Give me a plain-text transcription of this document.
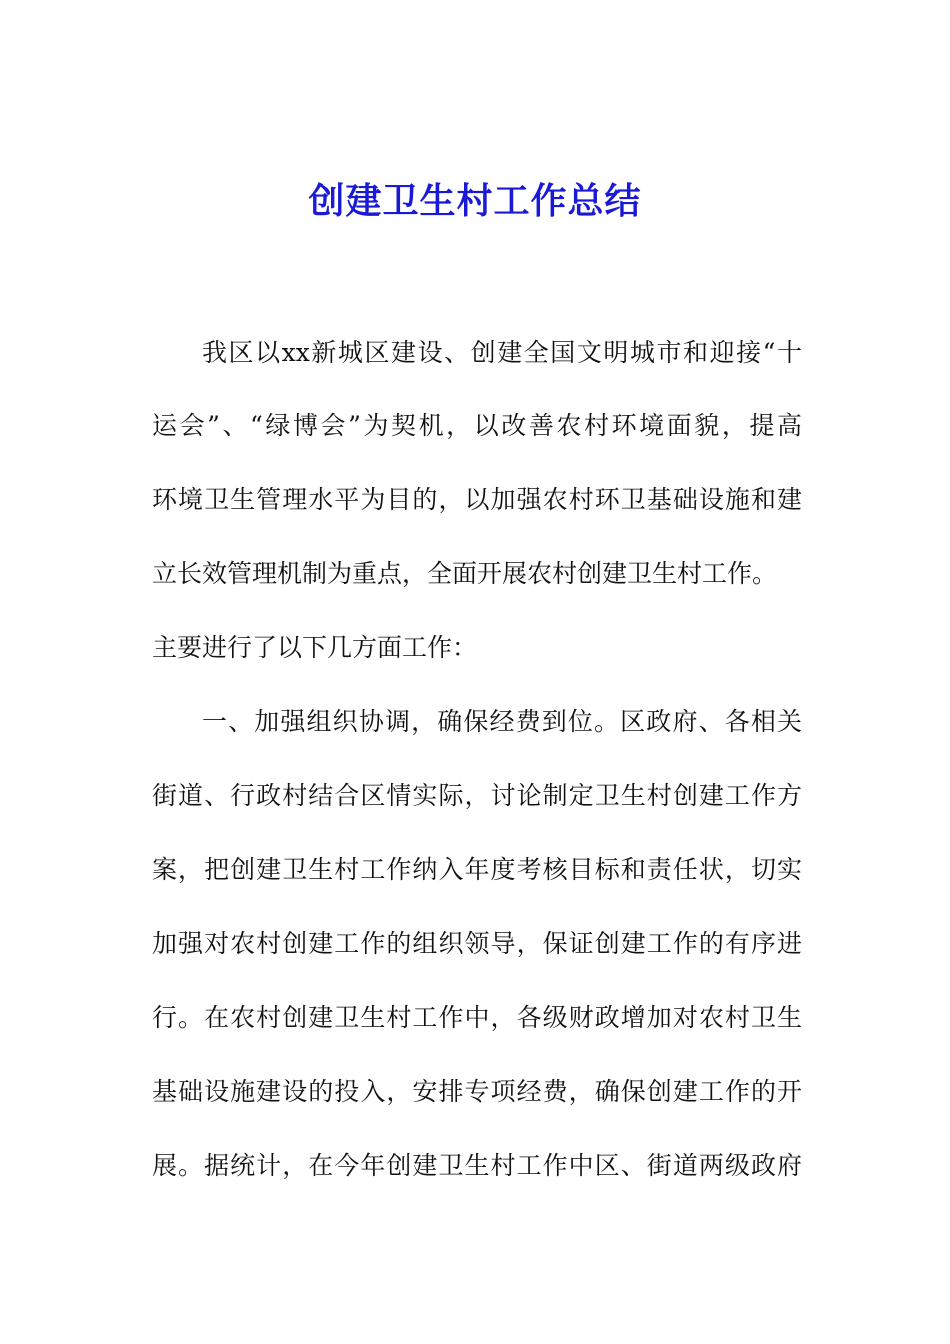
创建卫生村工作总结
我区以xx新城区建设、创建全国文明城市和迎接“十
运会”、“绿博会”为契机，以改善农村环境面貌，提高
环境卫生管理水平为目的，以加强农村环卫基础设施和建
立长效管理机制为重点，全面开展农村创建卫生村工作。
主要进行了以下几方面工作：
一、加强组织协调，确保经费到位。区政府、各相关
街道、行政村结合区情实际，讨论制定卫生村创建工作方
案，把创建卫生村工作纳入年度考核目标和责任状，切实
加强对农村创建工作的组织领导，保证创建工作的有序进
行。在农村创建卫生村工作中，各级财政增加对农村卫生
基础设施建设的投入，安排专项经费，确保创建工作的开
展。据统计，在今年创建卫生村工作中区、街道两级政府
